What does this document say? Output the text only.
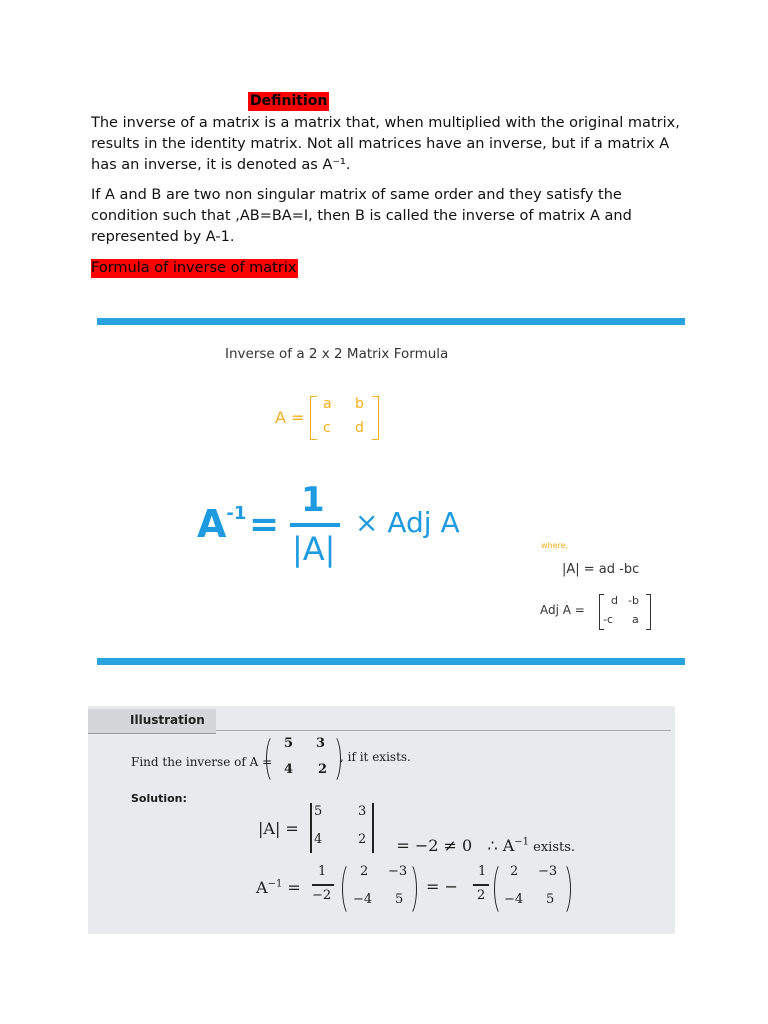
Definition
The inverse of a matrix is a matrix that, when multiplied with the original matrix, results in the identity matrix. Not all matrices have an inverse, but if a matrix A has an inverse, it is denoted as A⁻¹.
If A and B are two non singular matrix of same order and they satisfy the condition such that ,AB=BA=I, then B is called the inverse of matrix A and represented by A-1.
Formula of inverse of matrix
Inverse of a 2 x 2 Matrix Formula
A =
a b
c d
$A^{-1}$ =
1
|A|
× Adj A
where,
|A| = ad -bc
Adj A =
d -b
-c a
Illustration
Find the inverse of A =
5 3
4 2
, if it exists.
Solution:
|A| =
5	3
4	2	= −2 ≠ 0   ∴ $A^{-1}$ exists.

$A^{-1}$ =
1
−2
2 −3
−4 5
= −
1
2
2 −3
−4 5
